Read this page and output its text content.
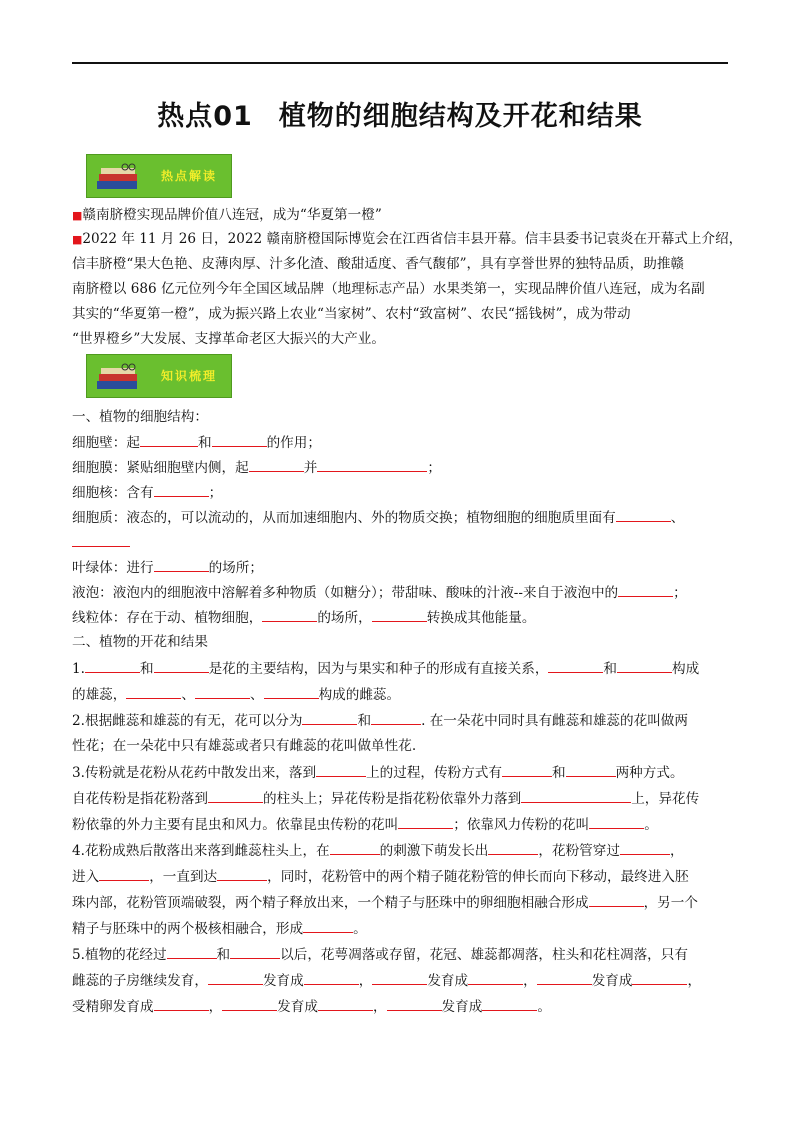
热点01 植物的细胞结构及开花和结果
热点解读
■赣南脐橙实现品牌价值八连冠，成为“华夏第一橙”
■2022 年 11 月 26 日，2022 赣南脐橙国际博览会在江西省信丰县开幕。信丰县委书记袁炎在开幕式上介绍，
信丰脐橙“果大色艳、皮薄肉厚、汁多化渣、酸甜适度、香气馥郁”，具有享誉世界的独特品质，助推赣
南脐橙以 686 亿元位列今年全国区域品牌（地理标志产品）水果类第一，实现品牌价值八连冠，成为名副
其实的“华夏第一橙”，成为振兴路上农业“当家树”、农村“致富树”、农民“摇钱树”，成为带动
“世界橙乡”大发展、支撑革命老区大振兴的大产业。
知识梳理
一、植物的细胞结构：
细胞壁：起	和	的作用；
细胞膜：紧贴细胞壁内侧，起	并	；
细胞核：含有	；
细胞质：液态的，可以流动的，从而加速细胞内、外的物质交换；植物细胞的细胞质里面有	、
叶绿体：进行	的场所；
液泡：液泡内的细胞液中溶解着多种物质（如糖分）；带甜味、酸味的汁液--来自于液泡中的	；
线粒体：存在于动、植物细胞，	的场所，	转换成其他能量。
二、植物的开花和结果
1.	和	是花的主要结构，因为与果实和种子的形成有直接关系，	和	构成
的雄蕊，	、	、	构成的雌蕊。
2.根据雌蕊和雄蕊的有无，花可以分为	和	. 在一朵花中同时具有雌蕊和雄蕊的花叫做两
性花；在一朵花中只有雄蕊或者只有雌蕊的花叫做单性花.
3.传粉就是花粉从花药中散发出来，落到	上的过程，传粉方式有	和	两种方式。
自花传粉是指花粉落到	的柱头上；异花传粉是指花粉依靠外力落到	上，异花传
粉依靠的外力主要有昆虫和风力。依靠昆虫传粉的花叫	；依靠风力传粉的花叫	。
4.花粉成熟后散落出来落到雌蕊柱头上，在	的刺激下萌发长出	，花粉管穿过	，
进入	，一直到达	，同时，花粉管中的两个精子随花粉管的伸长而向下移动，最终进入胚
珠内部，花粉管顶端破裂，两个精子释放出来，一个精子与胚珠中的卵细胞相融合形成	，另一个
精子与胚珠中的两个极核相融合，形成	。
5.植物的花经过	和	以后，花萼凋落或存留，花冠、雄蕊都凋落，柱头和花柱凋落，只有
雌蕊的子房继续发育，	发育成	，	发育成	，	发育成	，
受精卵发育成	，	发育成	，	发育成	。
